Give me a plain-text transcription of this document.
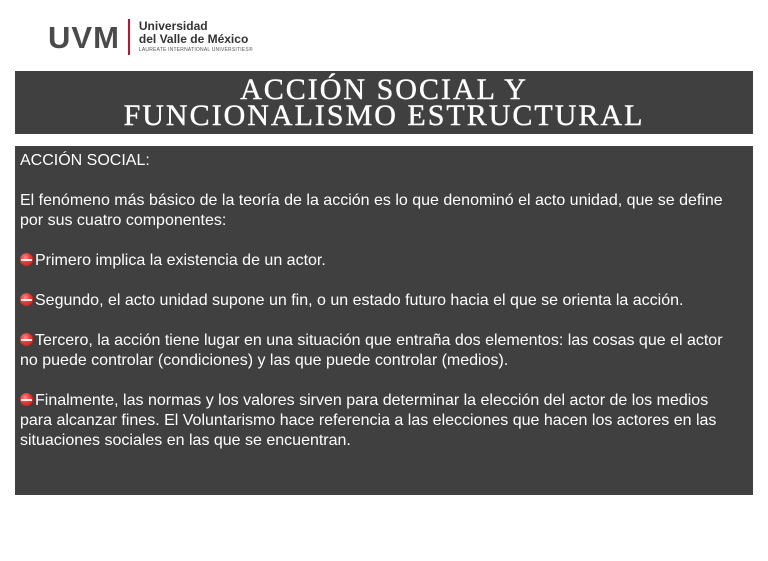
UVM Universidad
del Valle de México
LAUREATE INTERNATIONAL UNIVERSITIES®
ACCIÓN SOCIAL Y
FUNCIONALISMO ESTRUCTURAL

ACCIÓN SOCIAL:

El fenómeno más básico de la teoría de la acción es lo que denominó el acto unidad, que se define por sus cuatro componentes:

Primero implica la existencia de un actor.

Segundo, el acto unidad supone un fin, o un estado futuro hacia el que se orienta la acción.

Tercero, la acción tiene lugar en una situación que entraña dos elementos: las cosas que el actor no puede controlar (condiciones) y las que puede controlar (medios).

Finalmente, las normas y los valores sirven para determinar la elección del actor de los medios para alcanzar fines. El Voluntarismo hace referencia a las elecciones que hacen los actores en las situaciones sociales en las que se encuentran.
